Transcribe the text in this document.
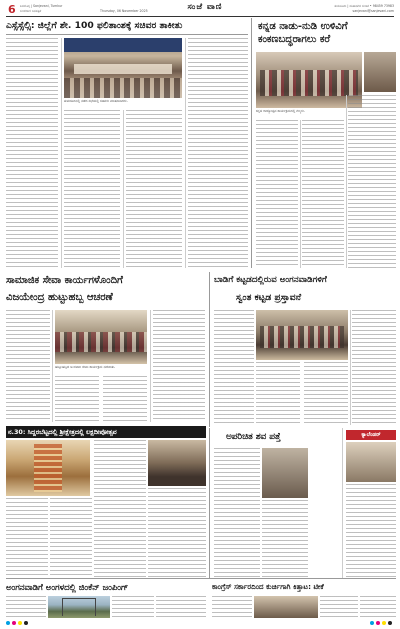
6 ಶಿವಮೊಗ್ಗ | Sanjevani, Tumkur
ಸಂಜೆವಾಣಿ ದಿನಪತ್ರಿಕೆ	Thursday, 06 November 2025	ಸಂಜೆ ವಾಣಿ	ತುಮಕೂರು | ಮಹಾನಗರ ಸಂಚಿಕೆ • 98459 73983
sanjevani@sanjevani.com
ಎಸ್ಸೆಸ್ಸೆಲ್ಸಿ: ಜಿಲ್ಲೆಗೆ ಶೇ. 100 ಫಲಿತಾಂಶಕ್ಕೆ ಸಚಿವರ ತಾಕೀತು
ತುಮಕೂರಿನಲ್ಲಿ ನಡೆದ ಸಭೆಯಲ್ಲಿ ಸಚಿವರು ಮಾತನಾಡಿದರು.
ಕನ್ನಡ ನಾಡು-ನುಡಿ ಉಳಿವಿಗೆ ಕಂಕಣಬದ್ಧರಾಗಲು ಕರೆ
ಕನ್ನಡ ರಾಜ್ಯೋತ್ಸವ ಕಾರ್ಯಕ್ರಮದಲ್ಲಿ ಗಣ್ಯರು.
ಸಾಮಾಜಿಕ ಸೇವಾ ಕಾರ್ಯಗಳೊಂದಿಗೆ
ವಿಜಯೇಂದ್ರ ಹುಟ್ಟುಹಬ್ಬ ಆಚರಣೆ
ಹುಟ್ಟುಹಬ್ಬದ ಅಂಗವಾಗಿ ಸೇವಾ ಕಾರ್ಯಕ್ರಮ ನಡೆಯಿತು.
ಬಾಡಿಗೆ ಕಟ್ಟಡದಲ್ಲಿರುವ ಅಂಗನವಾಡಿಗಳಿಗೆ
ಸ್ವಂತ ಕಟ್ಟಡ ಪ್ರಸ್ತಾವನೆ
ನ.30: ಸಿದ್ದರಬೆಟ್ಟದಲ್ಲಿ ಶ್ರೀಕ್ಷೇತ್ರದಲ್ಲಿ ಲಕ್ಷದೀಪೋತ್ಸವ	ಅಪರಿಚಿತ ಶವ ಪತ್ತೆ	ಕ್ಯಾಲೆಂಡರ್
ಅಂಗನವಾಡಿಗೆ ಅಂಗಳದಲ್ಲಿ ಜಿಂಕೆನ್ ಜಂಪಿಂಗ್	ಕಾಂಗ್ರೆಸ್ ಸರ್ಕಾರದಿಂದ ಕುರ್ಚಿಗಾಗಿ ಕಿತ್ತಾಟ: ಟೀಕೆ
